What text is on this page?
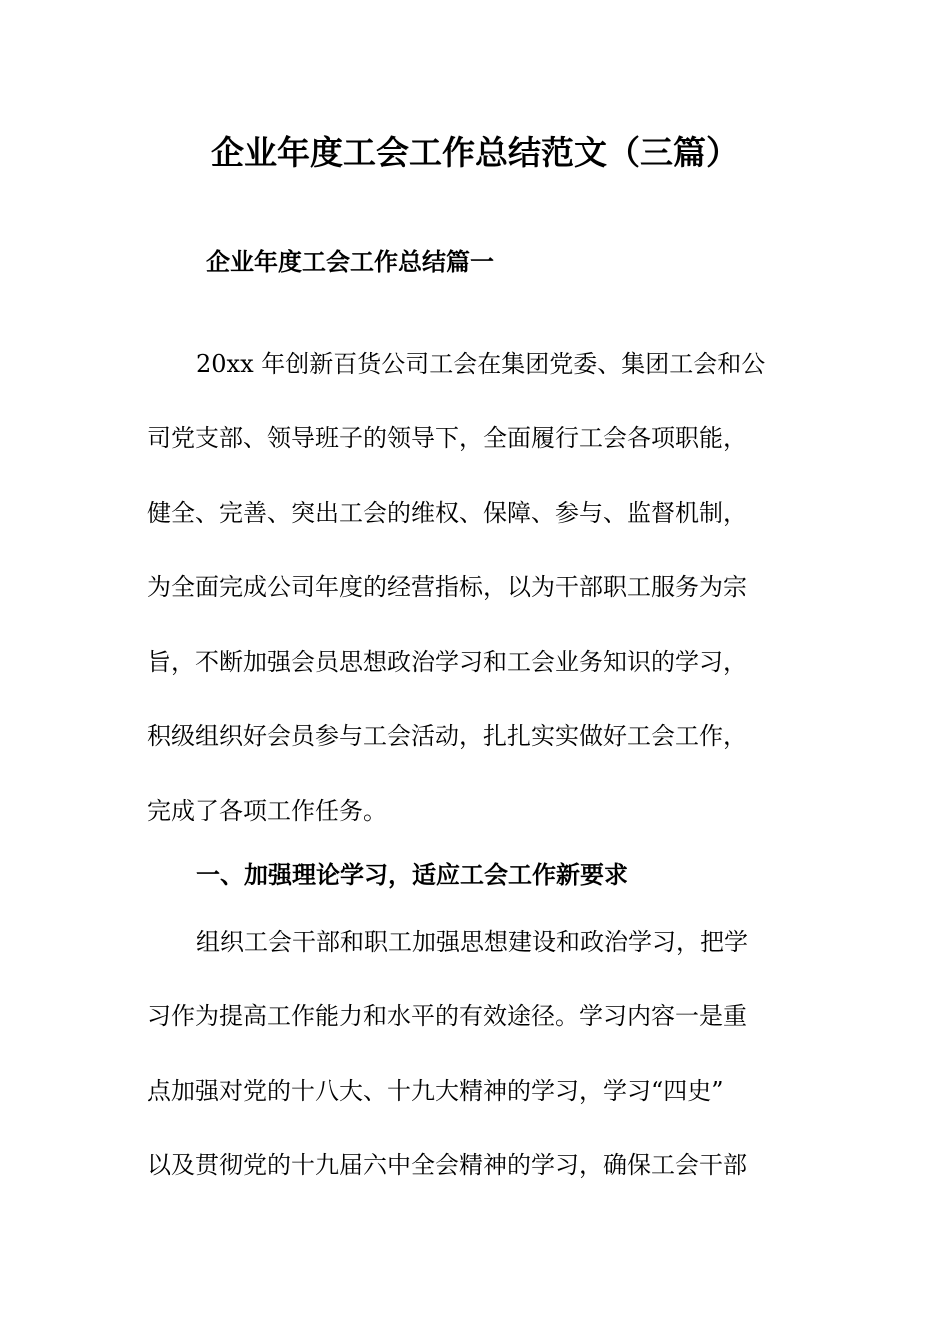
企业年度工会工作总结范文（三篇）
企业年度工会工作总结篇一

20xx 年创新百货公司工会在集团党委、集团工会和公

司党支部、领导班子的领导下，全面履行工会各项职能，

健全、完善、突出工会的维权、保障、参与、监督机制，

为全面完成公司年度的经营指标，以为干部职工服务为宗

旨，不断加强会员思想政治学习和工会业务知识的学习，

积级组织好会员参与工会活动，扎扎实实做好工会工作，

完成了各项工作任务。

一、加强理论学习，适应工会工作新要求

组织工会干部和职工加强思想建设和政治学习，把学

习作为提高工作能力和水平的有效途径。学习内容一是重

点加强对党的十八大、十九大精神的学习，学习“四史”

以及贯彻党的十九届六中全会精神的学习，确保工会干部
